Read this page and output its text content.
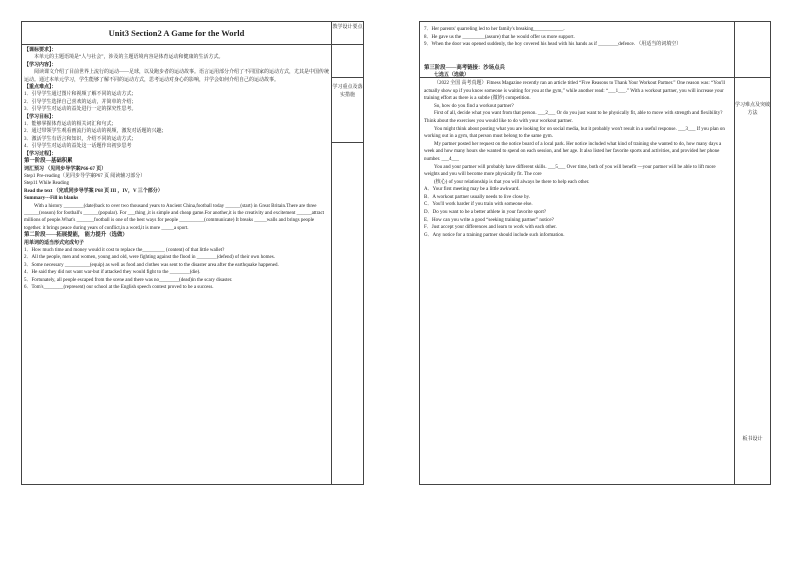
Unit3 Section2 A Game for the World
教学设计要点
学习重点及落实措施

【课标要求】：

本单元的主题语境是“人与社会”，涉及的主题语境内容是体育运动和健康的生活方式。

【学习内容】：

阅读课文介绍了目前世界上流行的运动——足球，以及跑步者的运动故事。语言运用部分介绍了不同国家的运动方式，尤其是中国传统运动。通过本单元学习，学生能够了解不同的运动方式，思考运动对身心的影响，并学会如何介绍自己的运动故事。

【重点难点】：

1．引导学生通过图片和视频了解不同的运动方式；

2．引导学生选择自己喜欢的运动，并简单的介绍；

3．引导学生对运动的益处进行一定的探究性思考。

【学习目标】：

1．能够掌握体育运动的相关词汇和句式；

2．通过带领学生观看画流行的运动的视频，激发对话题的兴趣；

3．激活学生有语言和知识，介绍不同的运动方式；

4．引导学生对运动的益处这一话题作出初步思考

【学习过程】：

第一阶段—基础积累

词汇预习 （见同步导学案P66-67 页）

Step1 Pre-reading（见同步导学案P67 页 阅读辅习部分）

Step11 While Reading

Read the text （完成同步导学案 P68 页 III ，IV，V 三个部分）

Summary---Fill in blanks

With a history ________(date)back to over two thousand years to Ancient China,football today ______(start) in Great Britain.There are three ______(reason) for football's ______(popular). For ___thing ,it is simple and cheap game.For another,it is the creativity and excitement ______attract millions of people.What's _______football is one of the best ways for people __________(communicate) It breaks _____walls and brings people together. it brings peace during years of conflict,in a word,it is more _____a sport.

第二阶段——拓展提能， 能力提升（选做）

用单词的适当形式完成句子

1．How much time and money would it cost to replace the_________ (content) of that little wallet?

2．All the people, men and women, young and old, were fighting against the flood in ________(defend) of their own homes.

3．Some necessary __________(equip) as well as food and clothes was sent to the disaster area after the earthquake happened.

4．He said they did not want war-but if attacked they would fight to the ________(die).

5．Fortunately, all people escaped from the scene and there was no________(dead)in the scary disaster.

6．Tom's________(represent) our school at the English speech contest proved to be a success.

学习难点及突破方法
板书设计

7．Her parents' quarreling led to her family's breaking____________.

8．He gave us the _________(assure) that he would offer us more support.

9．When the door was opened suddenly, the boy covered his head with his hands as if ________defence. （用适当的词填空）

第三阶段——高考链接：沙场点兵

七选五（选做）

（2022 全国 高考真题）Fitness Magazine recently ran an article titled “Five Reasons to Thank Your Workout Partner.” One reason was: “You'll actually show up if you know someone is waiting for you at the gym,” while another read: “___1___.” With a workout partner, you will increase your training effort as there is a subtle (微妙) competition.

So, how do you find a workout partner?

First of all, decide what you want from that person. ___2___ Or do you just want to be physically fit, able to move with strength and flexibility? Think about the exercises you would like to do with your workout partner.

You might think about posting what you are looking for on social media, but it probably won't result in a useful response. ___3___ If you plan on working out in a gym, that person must belong to the same gym.

My partner posted her request on the notice board of a local park. Her notice included what kind of training she wanted to do, how many days a week and how many hours she wanted to spend on each session, and her age. It also listed her favorite sports and activities, and provided her phone number. ___4___

You and your partner will probably have different skills. ___5___ Over time, both of you will benefit —your partner will be able to lift more weights and you will become more physically fit. The core

(核心) of your relationship is that you will always be there to help each other.

A．Your first meeting may be a little awkward.

B．A workout partner usually needs to live close by.

C．You'll work harder if you train with someone else.

D．Do you want to be a better athlete in your favorite sport?

E．How can you write a good “seeking training partner” notice?

F．Just accept your differences and learn to work with each other.

G．Any notice for a training partner should include such information.
